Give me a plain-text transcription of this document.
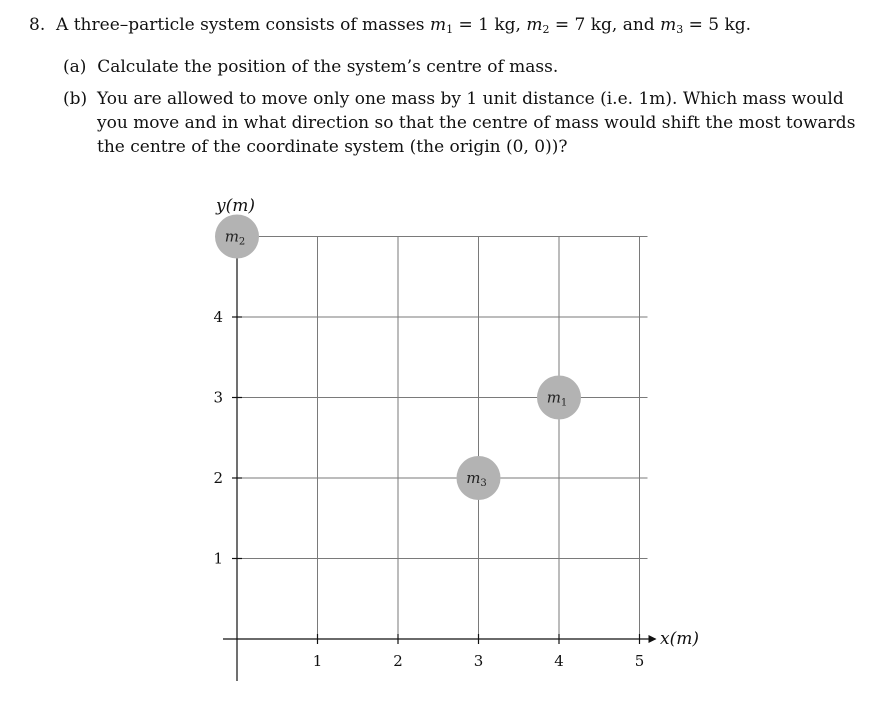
8. A three–particle system consists of masses $m_1 = 1$ kg, $m_2 = 7$ kg, and $m_3 = 5$ kg.
(a) Calculate the position of the system’s centre of mass.
(b) You are allowed to move only one mass by 1 unit distance (i.e. 1m). Which mass would
you move and in what direction so that the centre of mass would shift the most towards
the centre of the coordinate system (the origin (0, 0))?
1	2	3	4	5
1
2
3
4
$m_1$
$m_2$
$m_3$
y(m)
x(m)
